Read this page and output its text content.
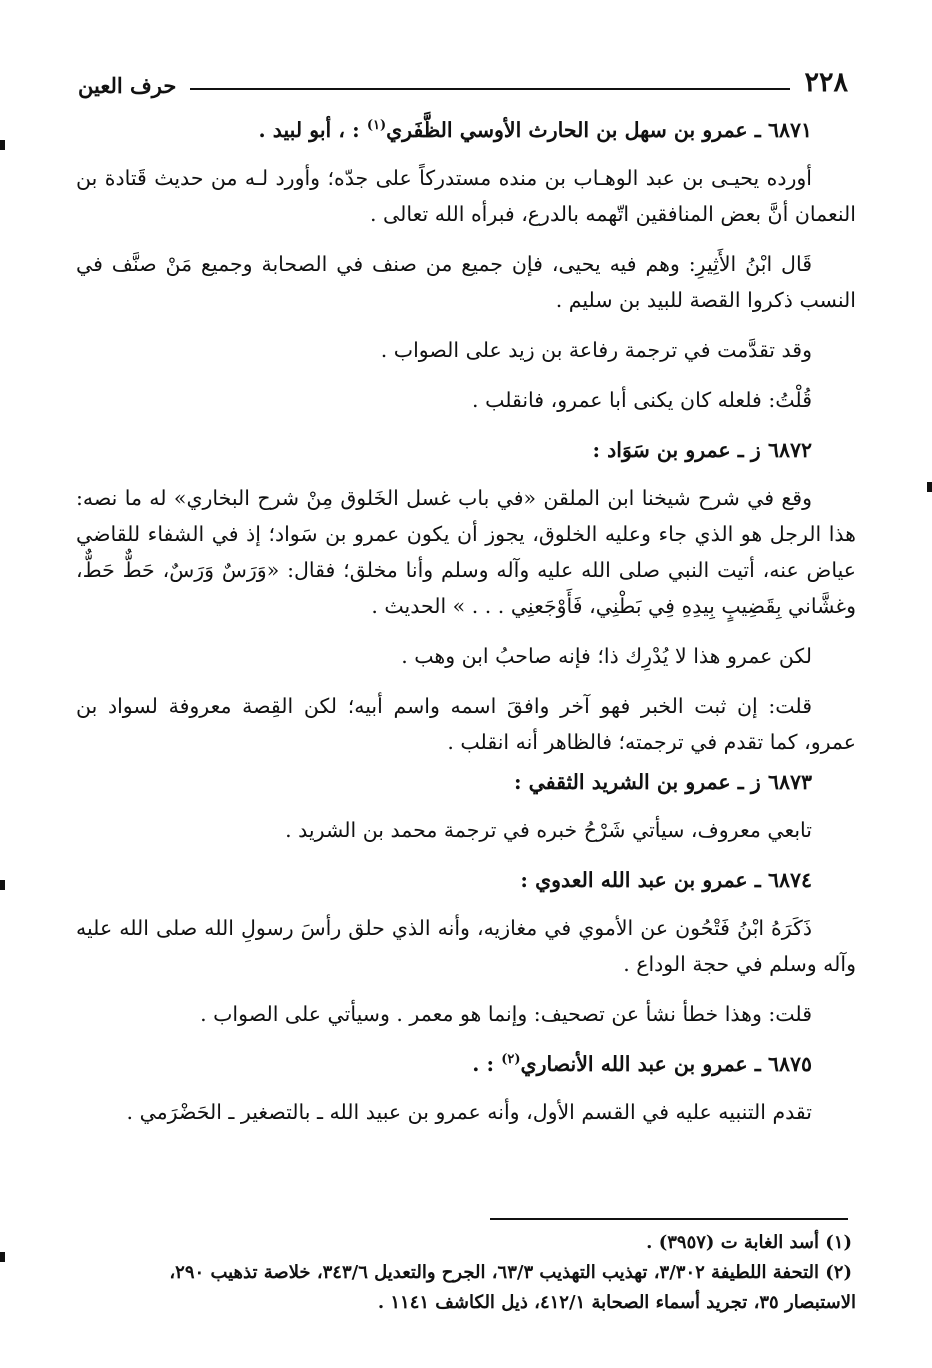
٢٢٨
حرف العين

٦٨٧١ ـ عمرو بن سهل بن الحارث الأوسي الظَّفَري$^{(١)}$ : ، أبو لبيد .

أورده يحيـى بن عبد الوهـاب بن منده مستدركاً على جدّه؛ وأورد لـه من حديث قَتادة بن النعمان أنَّ بعض المنافقين اتّهمه بالدرع، فبرأه الله تعالى .

قَال ابْنُ الأَثِيرِ: وهم فيه يحيى، فإن جميع من صنف في الصحابة وجميع مَنْ صنَّف في النسب ذكروا القصة للبيد بن سليم .

وقد تقدَّمت في ترجمة رفاعة بن زيد على الصواب .

قُلْتُ: فلعله كان يكنى أبا عمرو، فانقلب .

٦٨٧٢ ز ـ عمرو بن سَوَاد :

وقع في شرح شيخنا ابن الملقن «في باب غسل الخَلوق مِنْ شرح البخاري» له ما نصه: هذا الرجل هو الذي جاء وعليه الخلوق، يجوز أن يكون عمرو بن سَواد؛ إذ في الشفاء للقاضي عياض عنه، أتيت النبي صلى الله عليه وآله وسلم وأنا مخلق؛ فقال: «وَرَسٌ وَرَسٌ، حَطٌّ حَطٌّ، وغشَّاني بِقَضِيبٍ بِيدِهِ فِي بَطْنِي، فَأَوْجَعنِي . . . » الحديث .

لكن عمرو هذا لا يُدْرِك ذا؛ فإنه صاحبُ ابن وهب .

قلت: إن ثبت الخبر فهو آخر وافقَ اسمه واسم أبيه؛ لكن القِصة معروفة لسواد بن عمرو، كما تقدم في ترجمته؛ فالظاهر أنه انقلب .

٦٨٧٣ ز ـ عمرو بن الشريد الثقفي :

تابعي معروف، سيأتي شَرْحُ خبره في ترجمة محمد بن الشريد .

٦٨٧٤ ـ عمرو بن عبد الله العدوي :

ذَكَرَهُ ابْنُ فَتْحُون عن الأموي في مغازيه، وأنه الذي حلق رأسَ رسولِ الله صلى الله عليه وآله وسلم في حجة الوداع .

قلت: وهذا خطأ نشأ عن تصحيف: وإنما هو معمر . وسيأتي على الصواب .

٦٨٧٥ ـ عمرو بن عبد الله الأنصاري$^{(٢)}$ : .

تقدم التنبيه عليه في القسم الأول، وأنه عمرو بن عبيد الله ـ بالتصغير ـ الحَضْرَمي .

(١) أسد الغابة ت (٣٩٥٧) .

(٢) التحفة اللطيفة ٣/٣٠٢، تهذيب التهذيب ٦٣/٣، الجرح والتعديل ٣٤٣/٦، خلاصة تذهيب ٢٩٠،

الاستبصار ٣٥، تجريد أسماء الصحابة ٤١٢/١، ذيل الكاشف ١١٤١ .
